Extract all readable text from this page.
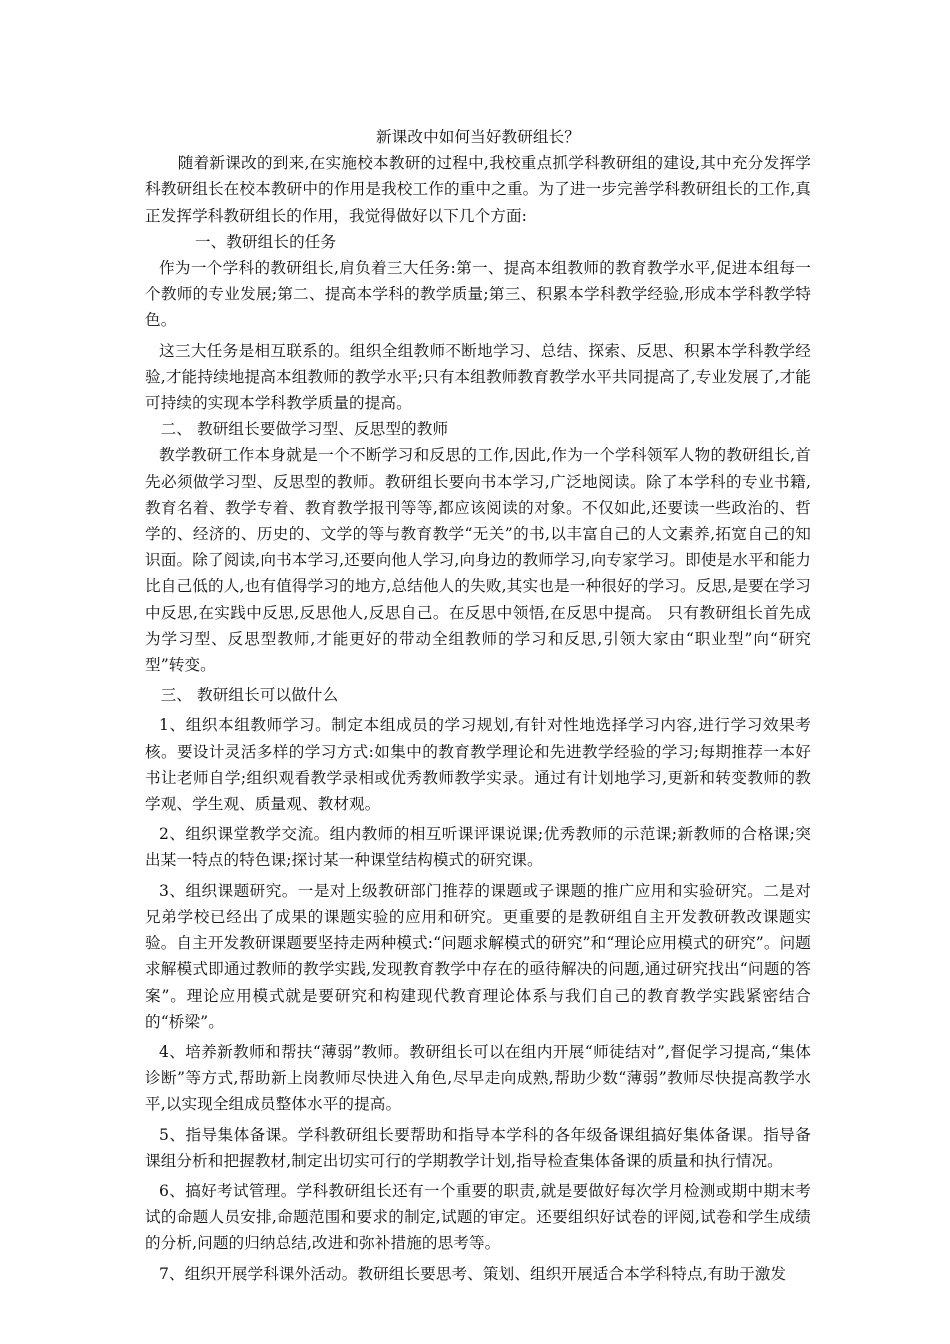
新课改中如何当好教研组长？

随着新课改的到来,在实施校本教研的过程中,我校重点抓学科教研组的建设,其中充分发挥学科教研组长在校本教研中的作用是我校工作的重中之重。为了进一步完善学科教研组长的工作,真正发挥学科教研组长的作用，我觉得做好以下几个方面:

一、教研组长的任务

作为一个学科的教研组长,肩负着三大任务:第一、提高本组教师的教育教学水平,促进本组每一个教师的专业发展;第二、提高本学科的教学质量;第三、积累本学科教学经验,形成本学科教学特色。

这三大任务是相互联系的。组织全组教师不断地学习、总结、探索、反思、积累本学科教学经验,才能持续地提高本组教师的教学水平;只有本组教师教育教学水平共同提高了,专业发展了,才能可持续的实现本学科教学质量的提高。

二、 教研组长要做学习型、反思型的教师

教学教研工作本身就是一个不断学习和反思的工作,因此,作为一个学科领军人物的教研组长,首先必须做学习型、反思型的教师。教研组长要向书本学习,广泛地阅读。除了本学科的专业书籍,教育名着、教学专着、教育教学报刊等等,都应该阅读的对象。不仅如此,还要读一些政治的、哲学的、经济的、历史的、文学的等与教育教学“无关”的书,以丰富自己的人文素养,拓宽自己的知识面。除了阅读,向书本学习,还要向他人学习,向身边的教师学习,向专家学习。即使是水平和能力比自己低的人,也有值得学习的地方,总结他人的失败,其实也是一种很好的学习。反思,是要在学习中反思,在实践中反思,反思他人,反思自己。在反思中领悟,在反思中提高。 只有教研组长首先成为学习型、反思型教师,才能更好的带动全组教师的学习和反思,引领大家由“职业型”向“研究型”转变。

三、 教研组长可以做什么

1、组织本组教师学习。制定本组成员的学习规划,有针对性地选择学习内容,进行学习效果考核。要设计灵活多样的学习方式:如集中的教育教学理论和先进教学经验的学习;每期推荐一本好书让老师自学;组织观看教学录相或优秀教师教学实录。通过有计划地学习,更新和转变教师的教学观、学生观、质量观、教材观。

2、组织课堂教学交流。组内教师的相互听课评课说课;优秀教师的示范课;新教师的合格课;突出某一特点的特色课;探讨某一种课堂结构模式的研究课。

3、组织课题研究。一是对上级教研部门推荐的课题或子课题的推广应用和实验研究。二是对兄弟学校已经出了成果的课题实验的应用和研究。更重要的是教研组自主开发教研教改课题实验。自主开发教研课题要坚持走两种模式:“问题求解模式的研究”和“理论应用模式的研究”。问题求解模式即通过教师的教学实践,发现教育教学中存在的亟待解决的问题,通过研究找出“问题的答案”。理论应用模式就是要研究和构建现代教育理论体系与我们自己的教育教学实践紧密结合的“桥梁”。

4、培养新教师和帮扶“薄弱”教师。教研组长可以在组内开展“师徒结对”,督促学习提高,“集体诊断”等方式,帮助新上岗教师尽快进入角色,尽早走向成熟,帮助少数“薄弱”教师尽快提高教学水平,以实现全组成员整体水平的提高。

5、指导集体备课。学科教研组长要帮助和指导本学科的各年级备课组搞好集体备课。指导备课组分析和把握教材,制定出切实可行的学期教学计划,指导检查集体备课的质量和执行情况。

6、搞好考试管理。学科教研组长还有一个重要的职责,就是要做好每次学月检测或期中期末考试的命题人员安排,命题范围和要求的制定,试题的审定。还要组织好试卷的评阅,试卷和学生成绩的分析,问题的归纳总结,改进和弥补措施的思考等。

7、组织开展学科课外活动。教研组长要思考、策划、组织开展适合本学科特点,有助于激发
